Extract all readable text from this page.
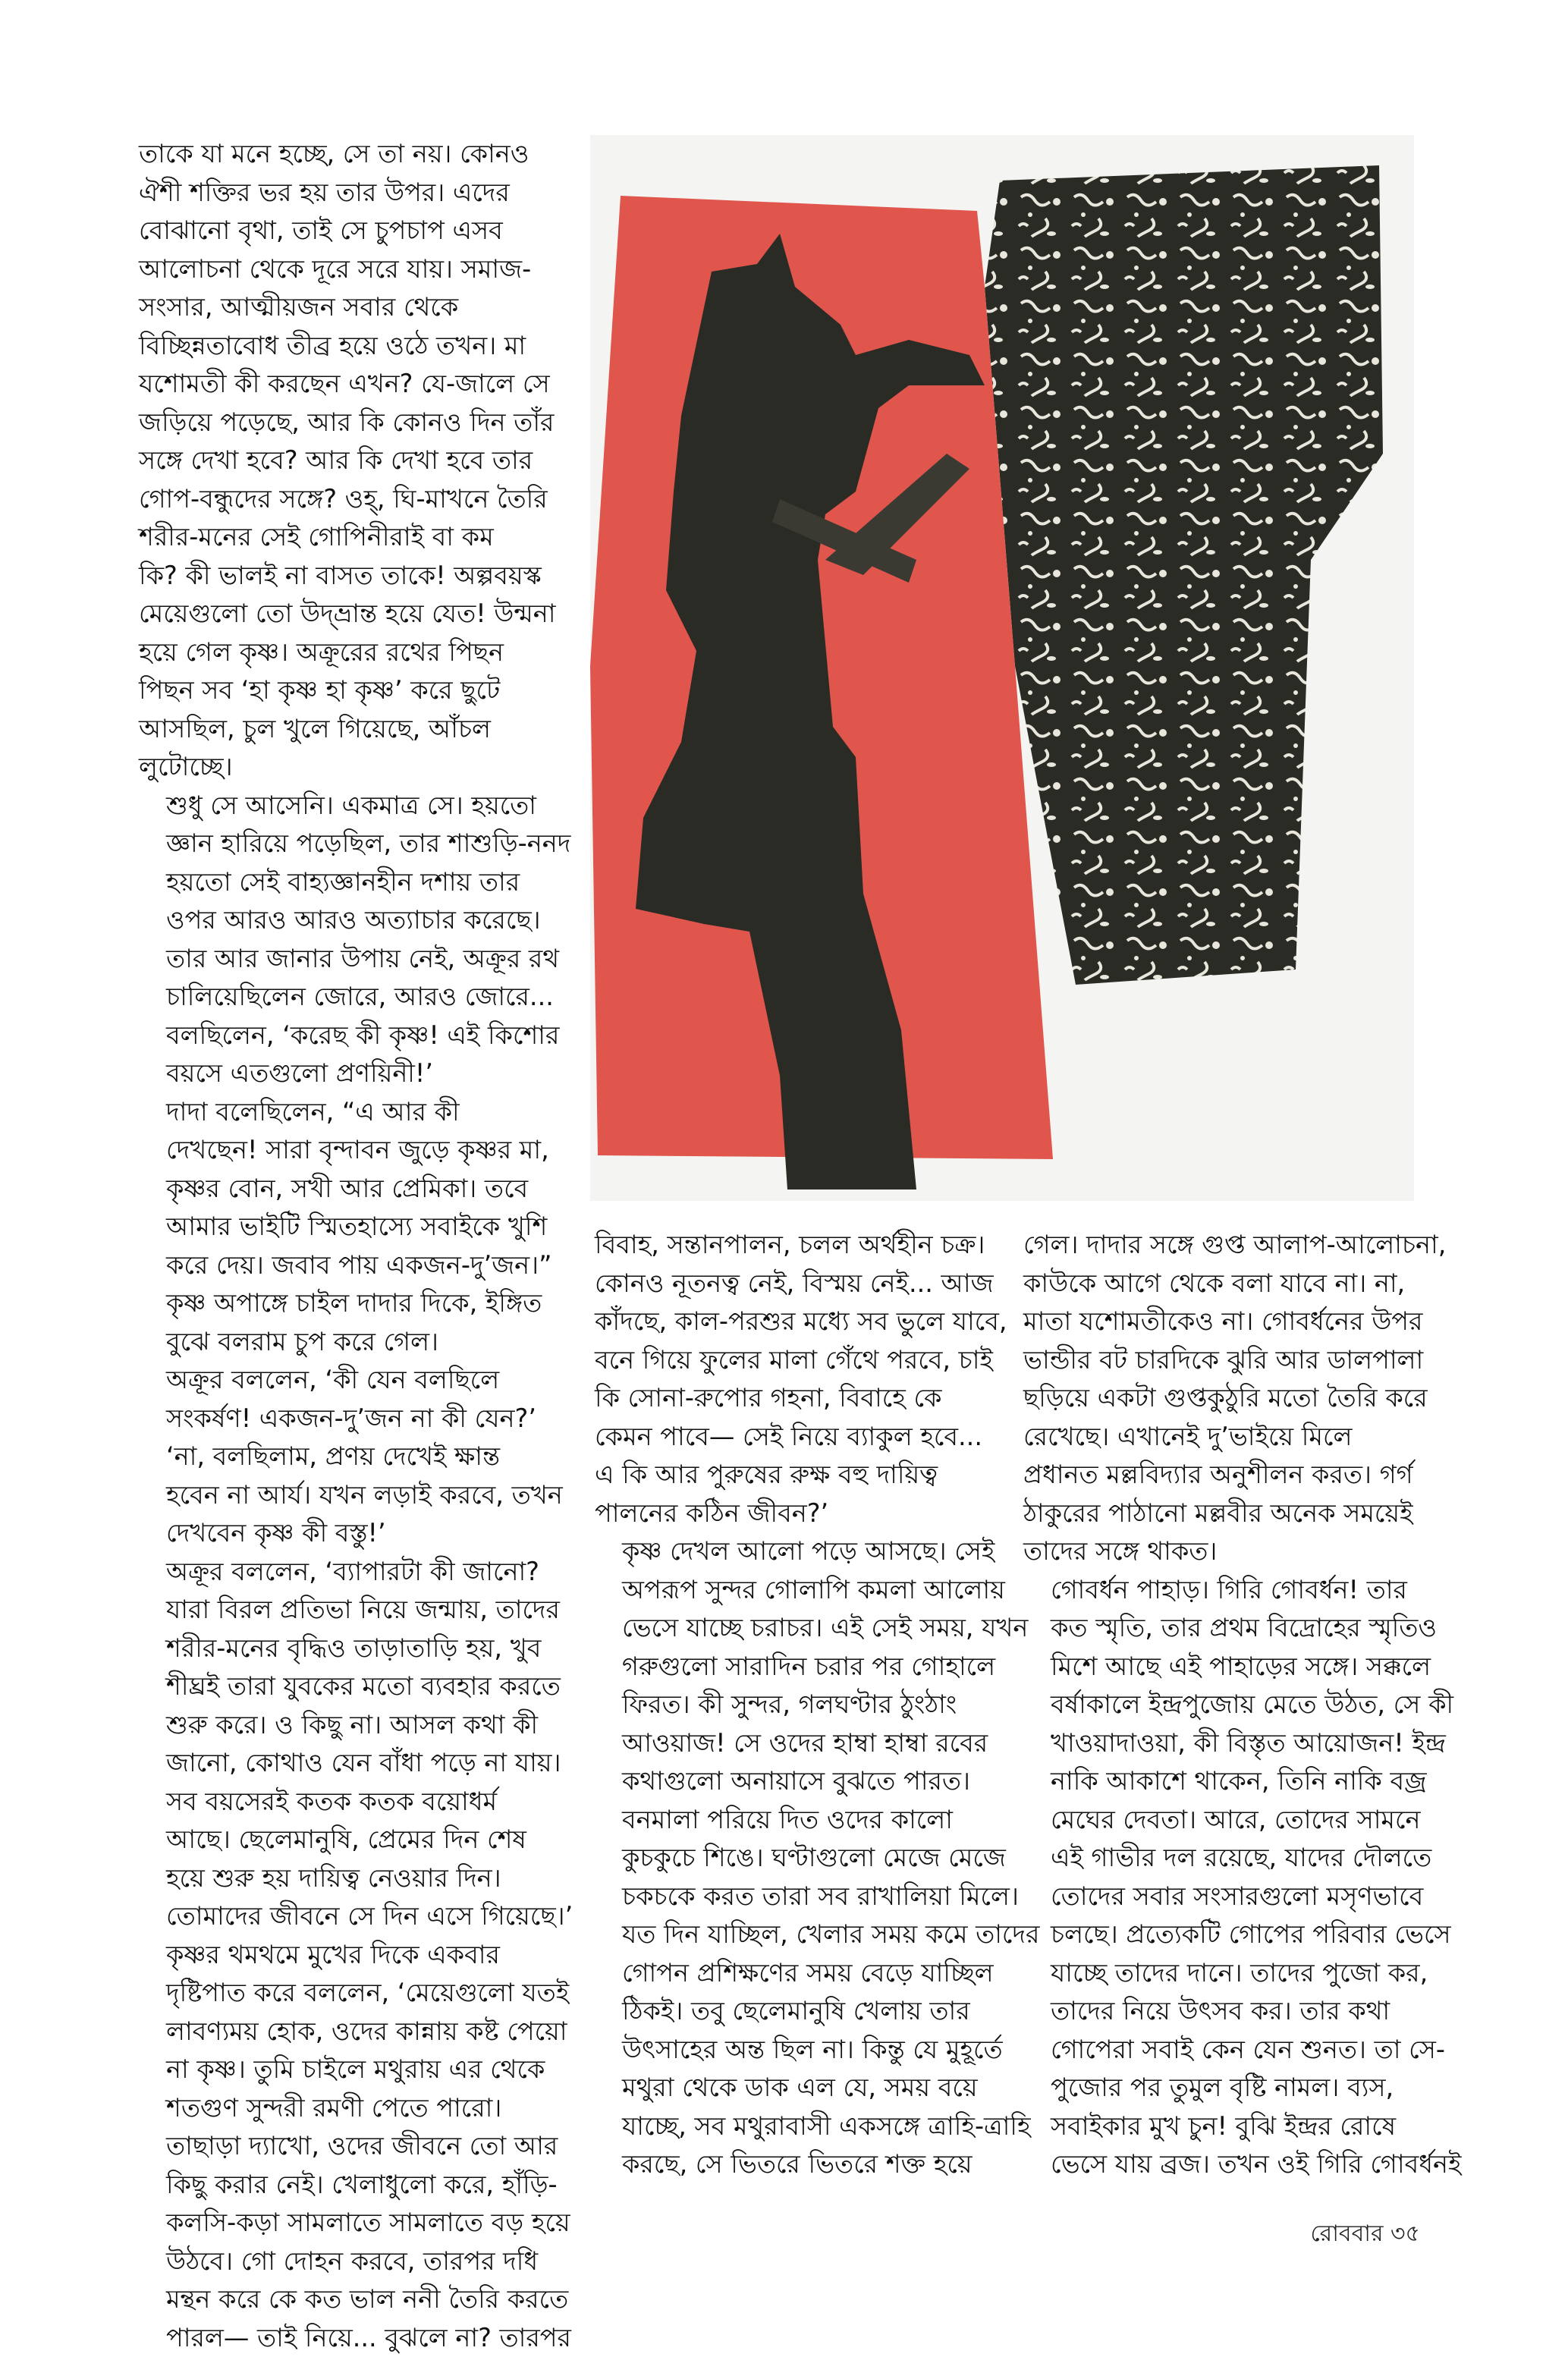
তাকে যা মনে হচ্ছে, সে তা নয়। কোনও
ঐশী শক্তির ভর হয় তার উপর। এদের
বোঝানো বৃথা, তাই সে চুপচাপ এসব
আলোচনা থেকে দূরে সরে যায়। সমাজ-
সংসার, আত্মীয়জন সবার থেকে
বিচ্ছিন্নতাবোধ তীব্র হয়ে ওঠে তখন। মা
যশোমতী কী করছেন এখন? যে-জালে সে
জড়িয়ে পড়েছে, আর কি কোনও দিন তাঁর
সঙ্গে দেখা হবে? আর কি দেখা হবে তার
গোপ-বন্ধুদের সঙ্গে? ওহ্, ঘি-মাখনে তৈরি
শরীর-মনের সেই গোপিনীরাই বা কম
কি? কী ভালই না বাসত তাকে! অল্পবয়স্ক
মেয়েগুলো তো উদ্‌ভ্রান্ত হয়ে যেত! উন্মনা
হয়ে গেল কৃষ্ণ। অক্রূরের রথের পিছন
পিছন সব ‘হা কৃষ্ণ হা কৃষ্ণ’ করে ছুটে
আসছিল, চুল খুলে গিয়েছে, আঁচল
লুটোচ্ছে।

শুধু সে আসেনি। একমাত্র সে। হয়তো
জ্ঞান হারিয়ে পড়েছিল, তার শাশুড়ি-ননদ
হয়তো সেই বাহ্যজ্ঞানহীন দশায় তার
ওপর আরও আরও অত্যাচার করেছে।
তার আর জানার উপায় নেই, অক্রূর রথ
চালিয়েছিলেন জোরে, আরও জোরে...
বলছিলেন, ‘করেছ কী কৃষ্ণ! এই কিশোর
বয়সে এতগুলো প্রণয়িনী!’

দাদা বলেছিলেন, “এ আর কী
দেখছেন! সারা বৃন্দাবন জুড়ে কৃষ্ণর মা,
কৃষ্ণর বোন, সখী আর প্রেমিকা। তবে
আমার ভাইটি স্মিতহাস্যে সবাইকে খুশি
করে দেয়। জবাব পায় একজন-দু’জন।”
কৃষ্ণ অপাঙ্গে চাইল দাদার দিকে, ইঙ্গিত
বুঝে বলরাম চুপ করে গেল।

অক্রূর বললেন, ‘কী যেন বলছিলে
সংকর্ষণ! একজন-দু’জন না কী যেন?’

‘না, বলছিলাম, প্রণয় দেখেই ক্ষান্ত
হবেন না আর্য। যখন লড়াই করবে, তখন
দেখবেন কৃষ্ণ কী বস্তু!’

অক্রূর বললেন, ‘ব্যাপারটা কী জানো?
যারা বিরল প্রতিভা নিয়ে জন্মায়, তাদের
শরীর-মনের বৃদ্ধিও তাড়াতাড়ি হয়, খুব
শীঘ্রই তারা যুবকের মতো ব্যবহার করতে
শুরু করে। ও কিছু না। আসল কথা কী
জানো, কোথাও যেন বাঁধা পড়ে না যায়।
সব বয়সেরই কতক কতক বয়োধর্ম
আছে। ছেলেমানুষি, প্রেমের দিন শেষ
হয়ে শুরু হয় দায়িত্ব নেওয়ার দিন।
তোমাদের জীবনে সে দিন এসে গিয়েছে।’

কৃষ্ণর থমথমে মুখের দিকে একবার
দৃষ্টিপাত করে বললেন, ‘মেয়েগুলো যতই
লাবণ্যময় হোক, ওদের কান্নায় কষ্ট পেয়ো
না কৃষ্ণ। তুমি চাইলে মথুরায় এর থেকে
শতগুণ সুন্দরী রমণী পেতে পারো।
তাছাড়া দ্যাখো, ওদের জীবনে তো আর
কিছু করার নেই। খেলাধুলো করে, হাঁড়ি-
কলসি-কড়া সামলাতে সামলাতে বড় হয়ে
উঠবে। গো দোহন করবে, তারপর দধি
মন্থন করে কে কত ভাল ননী তৈরি করতে
পারল— তাই নিয়ে... বুঝলে না? তারপর

বিবাহ, সন্তানপালন, চলল অর্থহীন চক্র।
কোনও নূতনত্ব নেই, বিস্ময় নেই... আজ
কাঁদছে, কাল-পরশুর মধ্যে সব ভুলে যাবে,
বনে গিয়ে ফুলের মালা গেঁথে পরবে, চাই
কি সোনা-রুপোর গহনা, বিবাহে কে
কেমন পাবে— সেই নিয়ে ব্যাকুল হবে...
এ কি আর পুরুষের রুক্ষ বহু দায়িত্ব
পালনের কঠিন জীবন?’

কৃষ্ণ দেখল আলো পড়ে আসছে। সেই
অপরূপ সুন্দর গোলাপি কমলা আলোয়
ভেসে যাচ্ছে চরাচর। এই সেই সময়, যখন
গরুগুলো সারাদিন চরার পর গোহালে
ফিরত। কী সুন্দর, গলঘণ্টার ঠুংঠাং
আওয়াজ! সে ওদের হাম্বা হাম্বা রবের
কথাগুলো অনায়াসে বুঝতে পারত।
বনমালা পরিয়ে দিত ওদের কালো
কুচকুচে শিঙে। ঘণ্টাগুলো মেজে মেজে
চকচকে করত তারা সব রাখালিয়া মিলে।
যত দিন যাচ্ছিল, খেলার সময় কমে তাদের
গোপন প্রশিক্ষণের সময় বেড়ে যাচ্ছিল
ঠিকই। তবু ছেলেমানুষি খেলায় তার
উৎসাহের অন্ত ছিল না। কিন্তু যে মুহূর্তে
মথুরা থেকে ডাক এল যে, সময় বয়ে
যাচ্ছে, সব মথুরাবাসী একসঙ্গে ত্রাহি-ত্রাহি
করছে, সে ভিতরে ভিতরে শক্ত হয়ে

গেল। দাদার সঙ্গে গুপ্ত আলাপ-আলোচনা,
কাউকে আগে থেকে বলা যাবে না। না,
মাতা যশোমতীকেও না। গোবর্ধনের উপর
ভান্ডীর বট চারদিকে ঝুরি আর ডালপালা
ছড়িয়ে একটা গুপ্তকুঠুরি মতো তৈরি করে
রেখেছে। এখানেই দু’ভাইয়ে মিলে
প্রধানত মল্লবিদ্যার অনুশীলন করত। গর্গ
ঠাকুরের পাঠানো মল্লবীর অনেক সময়েই
তাদের সঙ্গে থাকত।

গোবর্ধন পাহাড়। গিরি গোবর্ধন! তার
কত স্মৃতি, তার প্রথম বিদ্রোহের স্মৃতিও
মিশে আছে এই পাহাড়ের সঙ্গে। সক্কলে
বর্ষাকালে ইন্দ্রপুজোয় মেতে উঠত, সে কী
খাওয়াদাওয়া, কী বিস্তৃত আয়োজন! ইন্দ্র
নাকি আকাশে থাকেন, তিনি নাকি বজ্র
মেঘের দেবতা। আরে, তোদের সামনে
এই গাভীর দল রয়েছে, যাদের দৌলতে
তোদের সবার সংসারগুলো মসৃণভাবে
চলছে। প্রত্যেকটি গোপের পরিবার ভেসে
যাচ্ছে তাদের দানে। তাদের পুজো কর,
তাদের নিয়ে উৎসব কর। তার কথা
গোপেরা সবাই কেন যেন শুনত। তা সে-
পুজোর পর তুমুল বৃষ্টি নামল। ব্যস,
সবাইকার মুখ চুন! বুঝি ইন্দ্রর রোষে
ভেসে যায় ব্রজ। তখন ওই গিরি গোবর্ধনই

রোববার ৩৫
